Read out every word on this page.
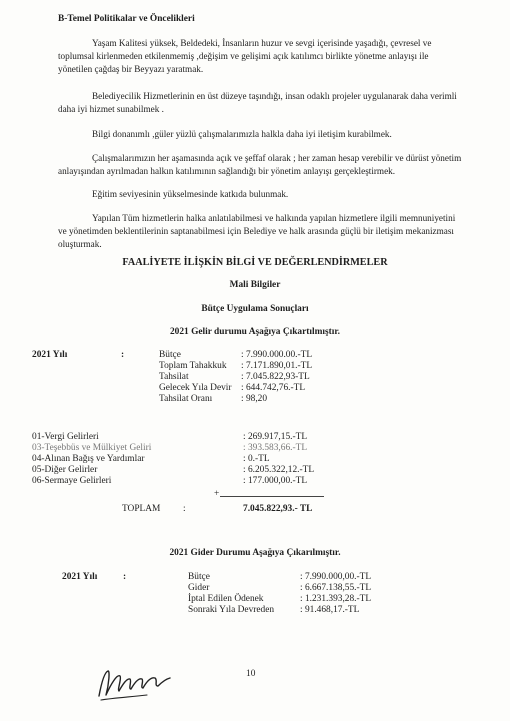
B-Temel Politikalar ve Öncelikleri
Yaşam Kalitesi yüksek, Beldedeki, İnsanların huzur ve sevgi içerisinde yaşadığı, çevresel ve
toplumsal kirlenmeden etkilenmemiş ,değişim ve gelişimi açık katılımcı birlikte yönetme anlayışı ile
yönetilen çağdaş bir Beyyazı yaratmak.
Belediyecilik Hizmetlerinin en üst düzeye taşındığı, insan odaklı projeler uygulanarak daha verimli
daha iyi hizmet sunabilmek .
Bilgi donanımlı ,güler yüzlü çalışmalarımızla halkla daha iyi iletişim kurabilmek.
Çalışmalarımızın her aşamasında açık ve şeffaf olarak ; her zaman hesap verebilir ve dürüst yönetim
anlayışından ayrılmadan halkın katılımının sağlandığı bir yönetim anlayışı gerçekleştirmek.
Eğitim seviyesinin yükselmesinde katkıda bulunmak.
Yapılan Tüm hizmetlerin halka anlatılabilmesi ve halkında yapılan hizmetlere ilgili memnuniyetini
ve yönetimden beklentilerinin saptanabilmesi için Belediye ve halk arasında güçlü bir iletişim mekanizması
oluşturmak.
FAALİYETE İLİŞKİN BİLGİ VE DEĞERLENDİRMELER
Mali Bilgiler
Bütçe Uygulama Sonuçları
2021 Gelir durumu Aşağıya Çıkartılmıştır.
2021 Yılı	:	Bütçe	: 7.990.000.00.-TL
Toplam Tahakkuk : 7.171.890,01.-TL
Tahsilat	: 7.045.822,93-TL
Gelecek Yıla Devir : 644.742,76.-TL
Tahsilat Oranı	: 98,20
01-Vergi Gelirleri	: 269.917,15.-TL
03-Teşebbüs ve Mülkiyet Geliri	: 393.583,66.-TL
04-Alınan Bağış ve Yardımlar	: 0.-TL
05-Diğer Gelirler	: 6.205.322,12.-TL
06-Sermaye Gelirleri	: 177.000,00.-TL
+
TOPLAM :	7.045.822,93.- TL
2021 Gider Durumu Aşağıya Çıkarılmıştır.
2021 Yılı	:	Bütçe	: 7.990.000,00.-TL
Gider	: 6.667.138,55.-TL
İptal Edilen Ödenek	: 1.231.393,28.-TL
Sonraki Yıla Devreden	: 91.468,17.-TL
10
